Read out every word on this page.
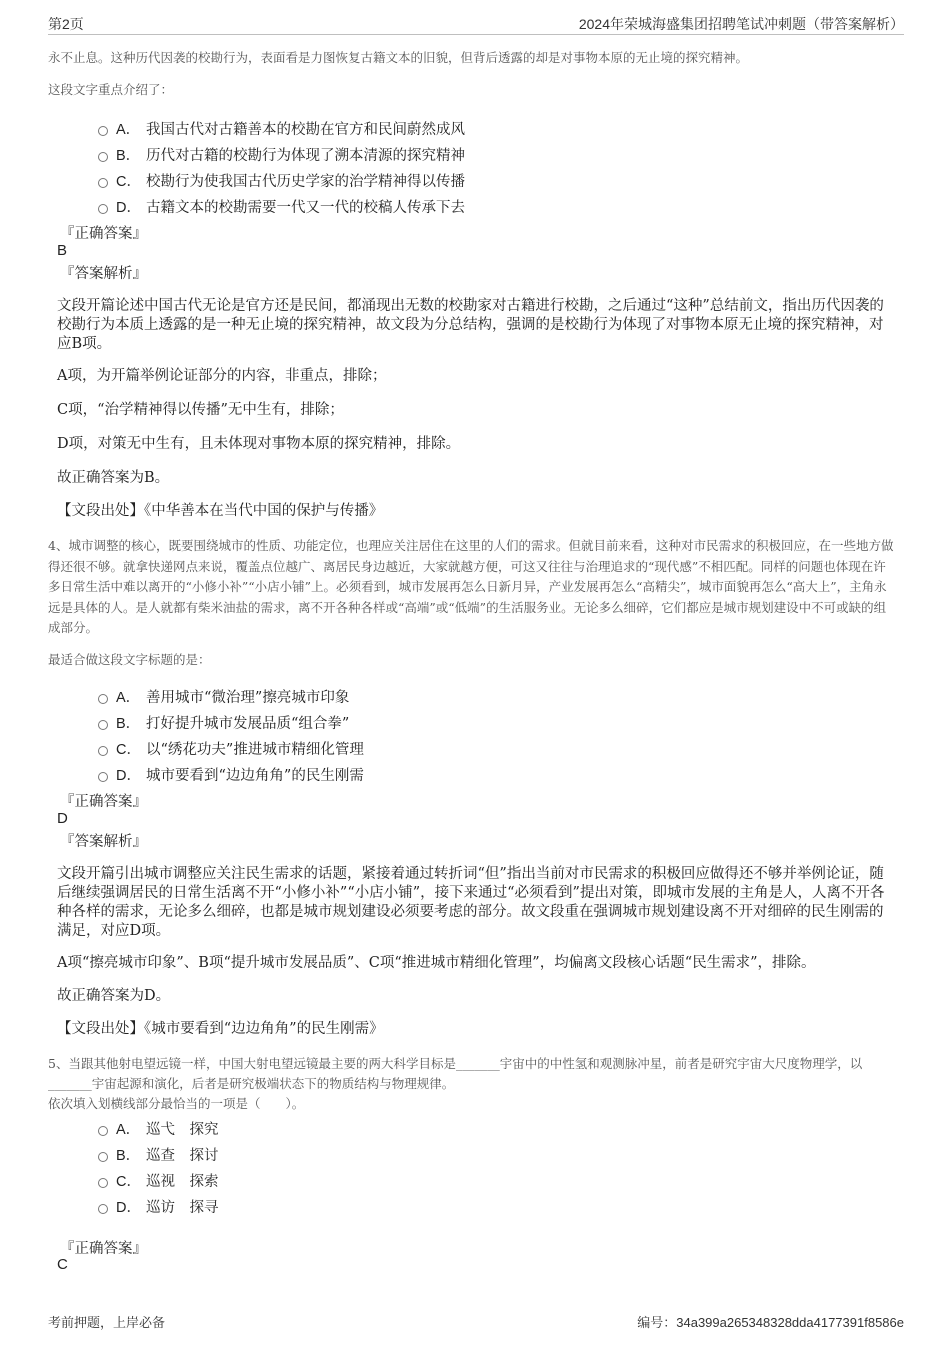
第2页	2024年荣城海盛集团招聘笔试冲刺题（带答案解析）
永不止息。这种历代因袭的校勘行为，表面看是力图恢复古籍文本的旧貌，但背后透露的却是对事物本原的无止境的探究精神。
这段文字重点介绍了：
A． 我国古代对古籍善本的校勘在官方和民间蔚然成风
B． 历代对古籍的校勘行为体现了溯本清源的探究精神
C． 校勘行为使我国古代历史学家的治学精神得以传播
D． 古籍文本的校勘需要一代又一代的校稿人传承下去
『正确答案』
B
『答案解析』
文段开篇论述中国古代无论是官方还是民间，都涌现出无数的校勘家对古籍进行校勘，之后通过“这种”总结前文，指出历代因袭的校勘行为本质上透露的是一种无止境的探究精神，故文段为分总结构，强调的是校勘行为体现了对事物本原无止境的探究精神，对应B项。
A项，为开篇举例论证部分的内容，非重点，排除；
C项，“治学精神得以传播”无中生有，排除；
D项，对策无中生有，且未体现对事物本原的探究精神，排除。
故正确答案为B。
【文段出处】《中华善本在当代中国的保护与传播》
4、城市调整的核心，既要围绕城市的性质、功能定位，也理应关注居住在这里的人们的需求。但就目前来看，这种对市民需求的积极回应，在一些地方做得还很不够。就拿快递网点来说，覆盖点位越广、离居民身边越近，大家就越方便，可这又往往与治理追求的“现代感”不相匹配。同样的问题也体现在许多日常生活中难以离开的“小修小补”“小店小铺”上。必须看到，城市发展再怎么日新月异，产业发展再怎么“高精尖”，城市面貌再怎么“高大上”，主角永远是具体的人。是人就都有柴米油盐的需求，离不开各种各样或“高端”或“低端”的生活服务业。无论多么细碎，它们都应是城市规划建设中不可或缺的组成部分。
最适合做这段文字标题的是：
A． 善用城市“微治理”擦亮城市印象
B． 打好提升城市发展品质“组合拳”
C． 以“绣花功夫”推进城市精细化管理
D． 城市要看到“边边角角”的民生刚需
『正确答案』
D
『答案解析』
文段开篇引出城市调整应关注民生需求的话题，紧接着通过转折词“但”指出当前对市民需求的积极回应做得还不够并举例论证，随后继续强调居民的日常生活离不开“小修小补”“小店小铺”，接下来通过“必须看到”提出对策，即城市发展的主角是人，人离不开各种各样的需求，无论多么细碎，也都是城市规划建设必须要考虑的部分。故文段重在强调城市规划建设离不开对细碎的民生刚需的满足，对应D项。
A项“擦亮城市印象”、B项“提升城市发展品质”、C项“推进城市精细化管理”，均偏离文段核心话题“民生需求”，排除。
故正确答案为D。
【文段出处】《城市要看到“边边角角”的民生刚需》
5、当跟其他射电望远镜一样，中国大射电望远镜最主要的两大科学目标是_______宇宙中的中性氢和观测脉冲星，前者是研究宇宙大尺度物理学，以_______宇宙起源和演化，后者是研究极端状态下的物质结构与物理规律。
依次填入划横线部分最恰当的一项是（　　）。
A． 巡弋　探究
B． 巡查　探讨
C． 巡视　探索
D． 巡访　探寻
『正确答案』
C
考前押题，上岸必备	编号：34a399a265348328dda4177391f8586e
